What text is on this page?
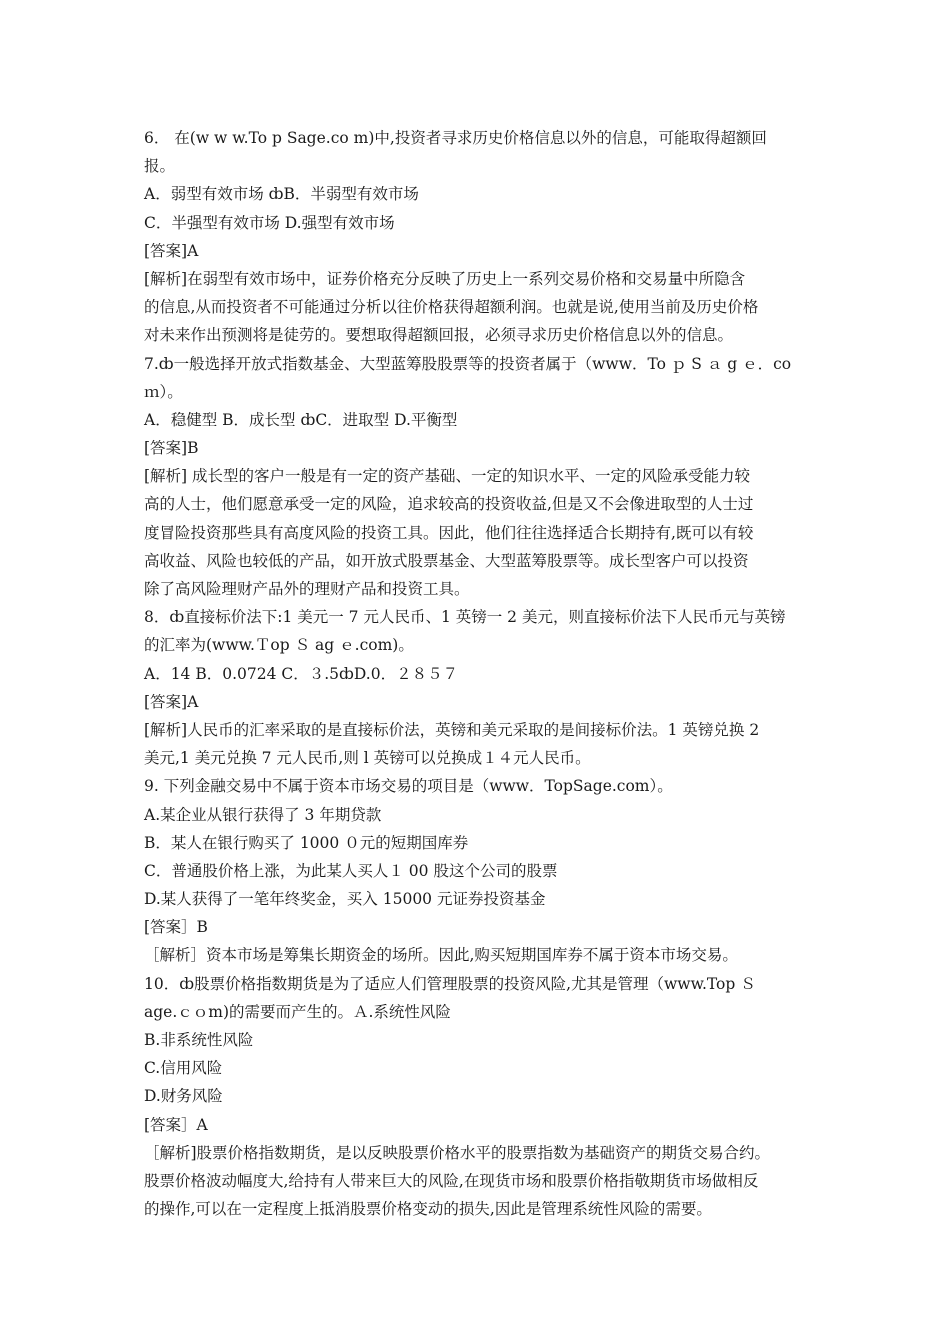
6． 在(w w w.To p Sage.co m)中,投资者寻求历史价格信息以外的信息，可能取得超额回
报。
A．弱型有效市场 ȸB．半弱型有效市场
C．半强型有效市场 D.强型有效市场
[答案]A
[解析]在弱型有效市场中，证券价格充分反映了历史上一系列交易价格和交易量中所隐含
的信息,从而投资者不可能通过分析以往价格获得超额利润。也就是说,使用当前及历史价格
对未来作出预测将是徒劳的。要想取得超额回报，必须寻求历史价格信息以外的信息。
7.ȸ一般选择开放式指数基金、大型蓝筹股股票等的投资者属于（www．To ｐ S ａ g ｅ．co
ｍ）。
A．稳健型 B．成长型 ȸC．进取型 D.平衡型
[答案]B
[解析] 成长型的客户一般是有一定的资产基础、一定的知识水平、一定的风险承受能力较
高的人士，他们愿意承受一定的风险，追求较高的投资收益,但是又不会像进取型的人士过
度冒险投资那些具有高度风险的投资工具。因此，他们往往选择适合长期持有,既可以有较
高收益、风险也较低的产品，如开放式股票基金、大型蓝筹股票等。成长型客户可以投资
除了高风险理财产品外的理财产品和投资工具。
8．ȸ直接标价法下:1 美元一 7 元人民币、1 英镑一 2 美元，则直接标价法下人民币元与英镑
的汇率为(www.Ｔop Ｓ ag ｅ.com)。
A．14 B．0.0724 C．３.5ȸD.0．２８５７
[答案]A
[解析]人民币的汇率采取的是直接标价法，英镑和美元采取的是间接标价法。1 英镑兑换 2
美元,1 美元兑换 7 元人民币,则 l 英镑可以兑换成１４元人民币。
9. 下列金融交易中不属于资本市场交易的项目是（www．TopSage.com）。
A.某企业从银行获得了 3 年期贷款
B．某人在银行购买了 1000 ０元的短期国库券
C．普通股价格上涨，为此某人买人１ 00 股这个公司的股票
D.某人获得了一笔年终奖金，买入 15000 元证券投资基金
[答案］B
［解析］资本市场是筹集长期资金的场所。因此,购买短期国库券不属于资本市场交易。
10．ȸ股票价格指数期货是为了适应人们管理股票的投资风险,尤其是管理（www.Top Ｓ
age.ｃｏm)的需要而产生的。Ａ.系统性风险
B.非系统性风险
C.信用风险
D.财务风险
[答案］A
［解析]股票价格指数期货，是以反映股票价格水平的股票指数为基础资产的期货交易合约。
股票价格波动幅度大,给持有人带来巨大的风险,在现货市场和股票价格指敬期货市场做相反
的操作,可以在一定程度上抵消股票价格变动的损失,因此是管理系统性风险的需要。
